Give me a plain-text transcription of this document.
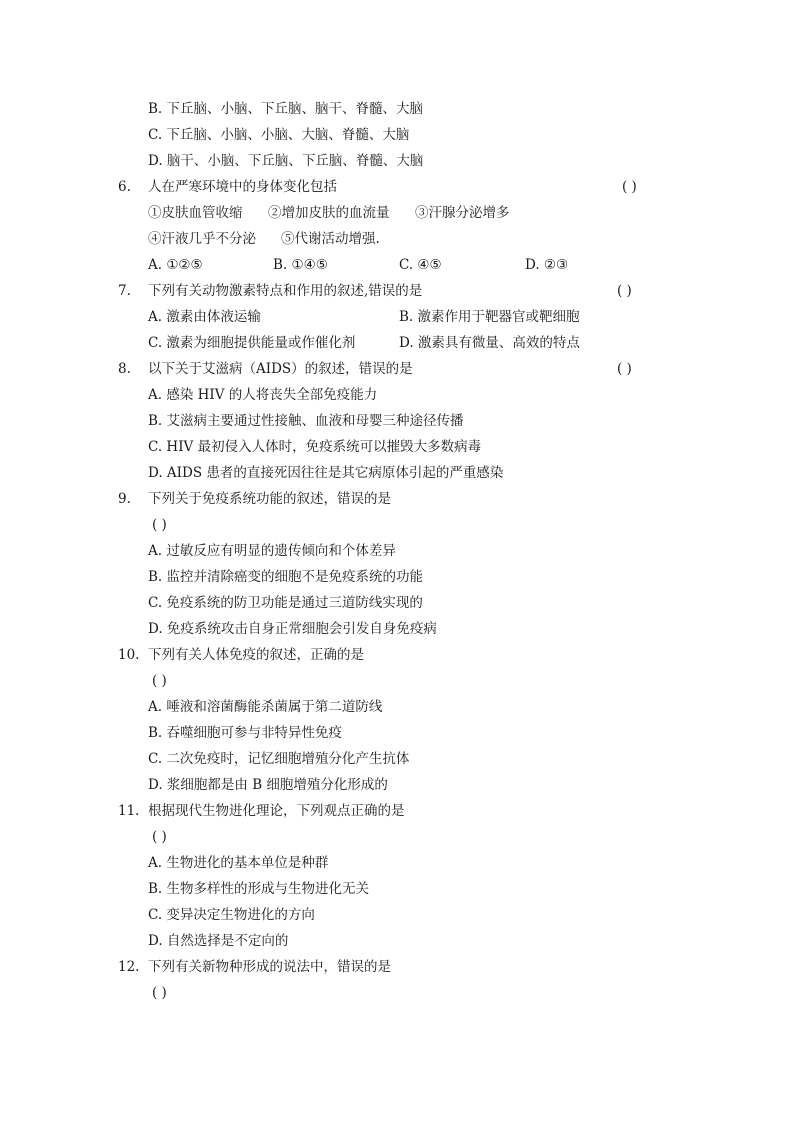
B. 下丘脑、小脑、下丘脑、脑干、脊髓、大脑
C. 下丘脑、小脑、小脑、大脑、脊髓、大脑
D. 脑干、小脑、下丘脑、下丘脑、脊髓、大脑
6. 人在严寒环境中的身体变化包括	( )
①皮肤血管收缩 ②增加皮肤的血流量 ③汗腺分泌增多
④汗液几乎不分泌 ⑤代谢活动增强.
A. ①②⑤	B. ①④⑤	C. ④⑤	D. ②③
7. 下列有关动物激素特点和作用的叙述,错误的是	( )
A. 激素由体液运输	B. 激素作用于靶器官或靶细胞
C. 激素为细胞提供能量或作催化剂	D. 激素具有微量、高效的特点
8. 以下关于艾滋病（AIDS）的叙述，错误的是	( )
A. 感染 HIV 的人将丧失全部免疫能力
B. 艾滋病主要通过性接触、血液和母婴三种途径传播
C. HIV 最初侵入人体时，免疫系统可以摧毁大多数病毒
D. AIDS 患者的直接死因往往是其它病原体引起的严重感染
9. 下列关于免疫系统功能的叙述，错误的是
( )
A. 过敏反应有明显的遗传倾向和个体差异
B. 监控并清除癌变的细胞不是免疫系统的功能
C. 免疫系统的防卫功能是通过三道防线实现的
D. 免疫系统攻击自身正常细胞会引发自身免疫病
10. 下列有关人体免疫的叙述，正确的是
( )
A. 唾液和溶菌酶能杀菌属于第二道防线
B. 吞噬细胞可参与非特异性免疫
C. 二次免疫时，记忆细胞增殖分化产生抗体
D. 浆细胞都是由 B 细胞增殖分化形成的
11. 根据现代生物进化理论，下列观点正确的是
( )
A. 生物进化的基本单位是种群
B. 生物多样性的形成与生物进化无关
C. 变异决定生物进化的方向
D. 自然选择是不定向的
12. 下列有关新物种形成的说法中，错误的是
( )
